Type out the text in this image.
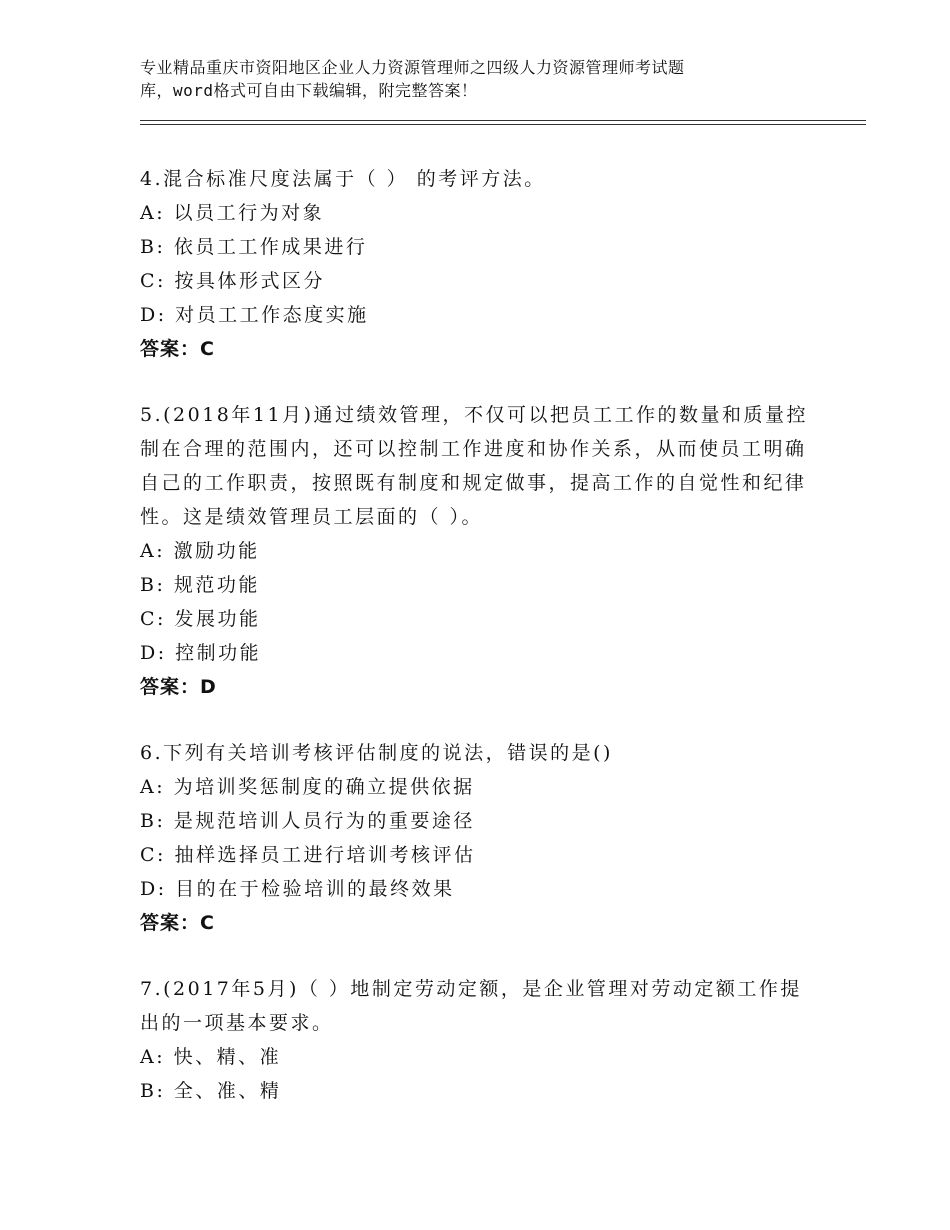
专业精品重庆市资阳地区企业人力资源管理师之四级人力资源管理师考试题
库，word格式可自由下载编辑，附完整答案！

4.混合标准尺度法属于（ ） 的考评方法。

A: 以员工行为对象

B: 依员工工作成果进行

C: 按具体形式区分

D: 对员工工作态度实施

答案：C

5.(2018年11月)通过绩效管理，不仅可以把员工工作的数量和质量控制在合理的范围内，还可以控制工作进度和协作关系，从而使员工明确自己的工作职责，按照既有制度和规定做事，提高工作的自觉性和纪律性。这是绩效管理员工层面的（ ）。

A: 激励功能

B: 规范功能

C: 发展功能

D: 控制功能

答案：D

6.下列有关培训考核评估制度的说法，错误的是()

A: 为培训奖惩制度的确立提供依据

B: 是规范培训人员行为的重要途径

C: 抽样选择员工进行培训考核评估

D: 目的在于检验培训的最终效果

答案：C

7.(2017年5月)（ ）地制定劳动定额，是企业管理对劳动定额工作提出的一项基本要求。

A: 快、精、准

B: 全、准、精
